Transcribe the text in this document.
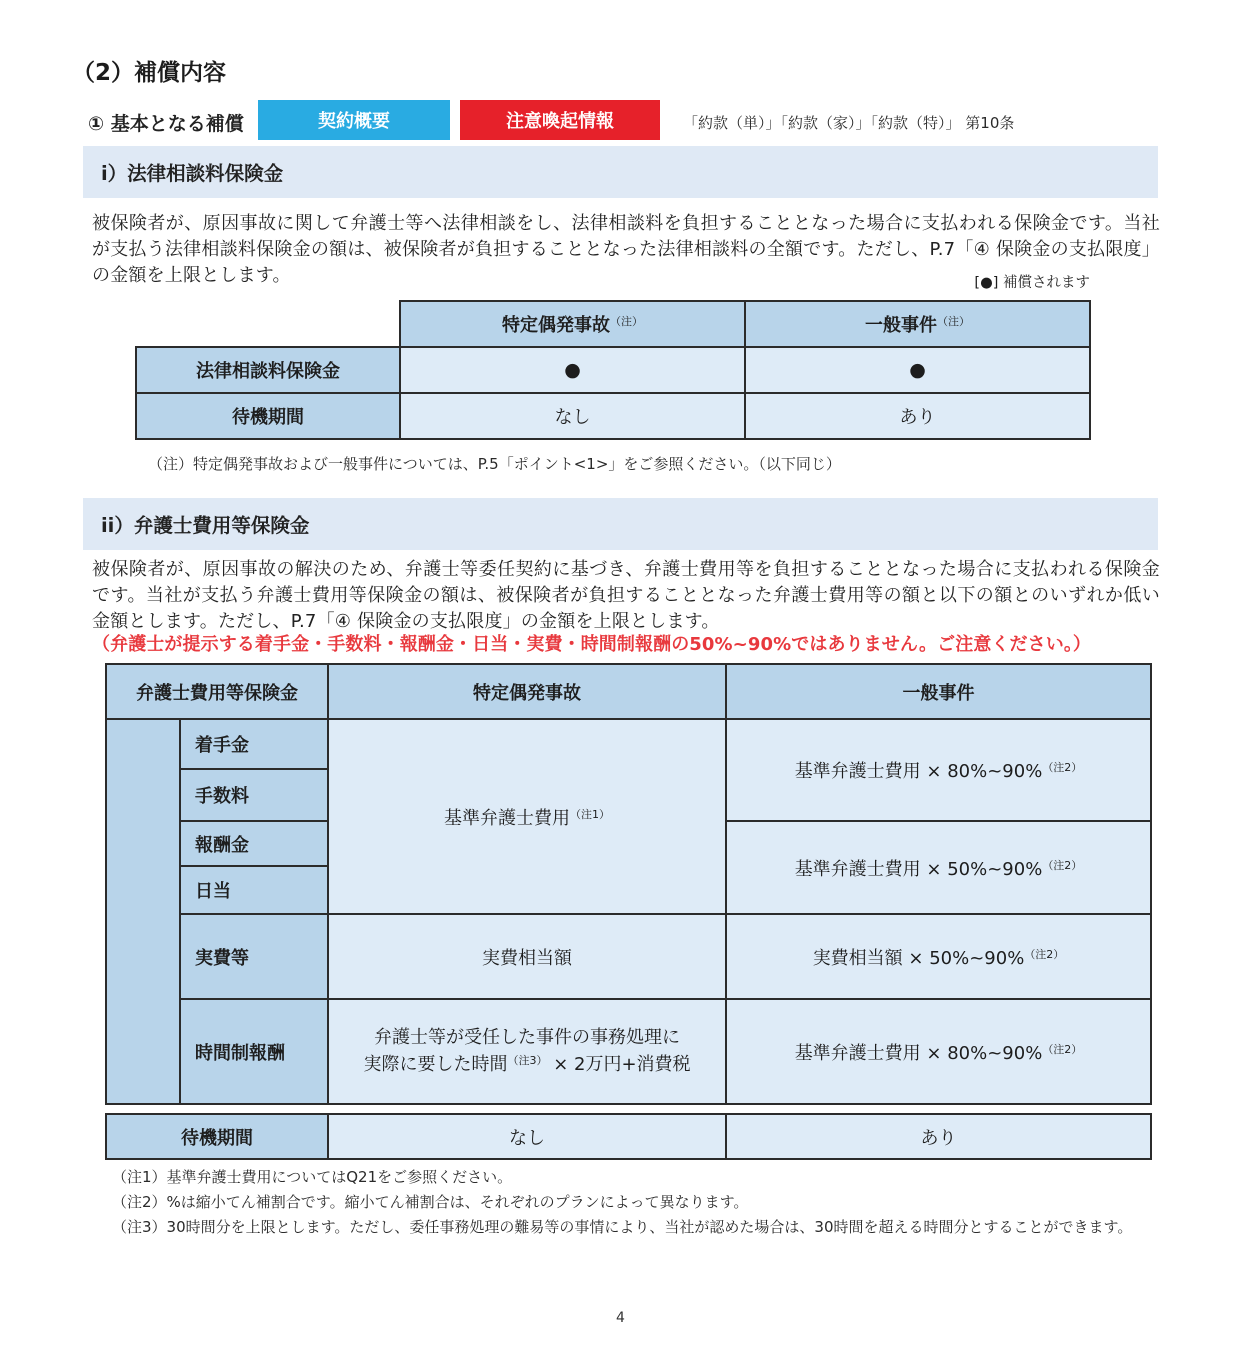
（2）補償内容
① 基本となる補償	契約概要	注意喚起情報	「約款（単）」「約款（家）」「約款（特）」 第10条
i）法律相談料保険金

被保険者が、原因事故に関して弁護士等へ法律相談をし、法律相談料を負担することとなった場合に支払われる保険金です。当社が支払う法律相談料保険金の額は、被保険者が負担することとなった法律相談料の全額です。ただし、P.7「④ 保険金の支払限度」の金額を上限とします。	[●] 補償されます
	特定偶発事故$^{(注)}$	一般事件$^{(注)}$
法律相談料保険金	●	●
待機期間	なし	あり
（注）特定偶発事故および一般事件については、P.5「ポイント<1>」をご参照ください。（以下同じ）
ii）弁護士費用等保険金

被保険者が、原因事故の解決のため、弁護士等委任契約に基づき、弁護士費用等を負担することとなった場合に支払われる保険金です。当社が支払う弁護士費用等保険金の額は、被保険者が負担することとなった弁護士費用等の額と以下の額とのいずれか低い金額とします。ただし、P.7「④ 保険金の支払限度」の金額を上限とします。

（弁護士が提示する着手金・手数料・報酬金・日当・実費・時間制報酬の50%~90%ではありません。ご注意ください。）
弁護士費用等保険金		特定偶発事故	一般事件
	着手金	基準弁護士費用$^{(注1)}$	基準弁護士費用 × 80%~90%$^{(注2)}$
	手数料		
	報酬金		基準弁護士費用 × 50%~90%$^{(注2)}$
	日当		
	実費等	実費相当額	実費相当額 × 50%~90%$^{(注2)}$
	時間制報酬	弁護士等が受任した事件の事務処理に
実際に要した時間$^{(注3)}$ × 2万円+消費税	基準弁護士費用 × 80%~90%$^{(注2)}$
待機期間	なし	あり
（注1）基準弁護士費用についてはQ21をご参照ください。
（注2）%は縮小てん補割合です。縮小てん補割合は、それぞれのプランによって異なります。
（注3）30時間分を上限とします。ただし、委任事務処理の難易等の事情により、当社が認めた場合は、30時間を超える時間分とすることができます。
4
